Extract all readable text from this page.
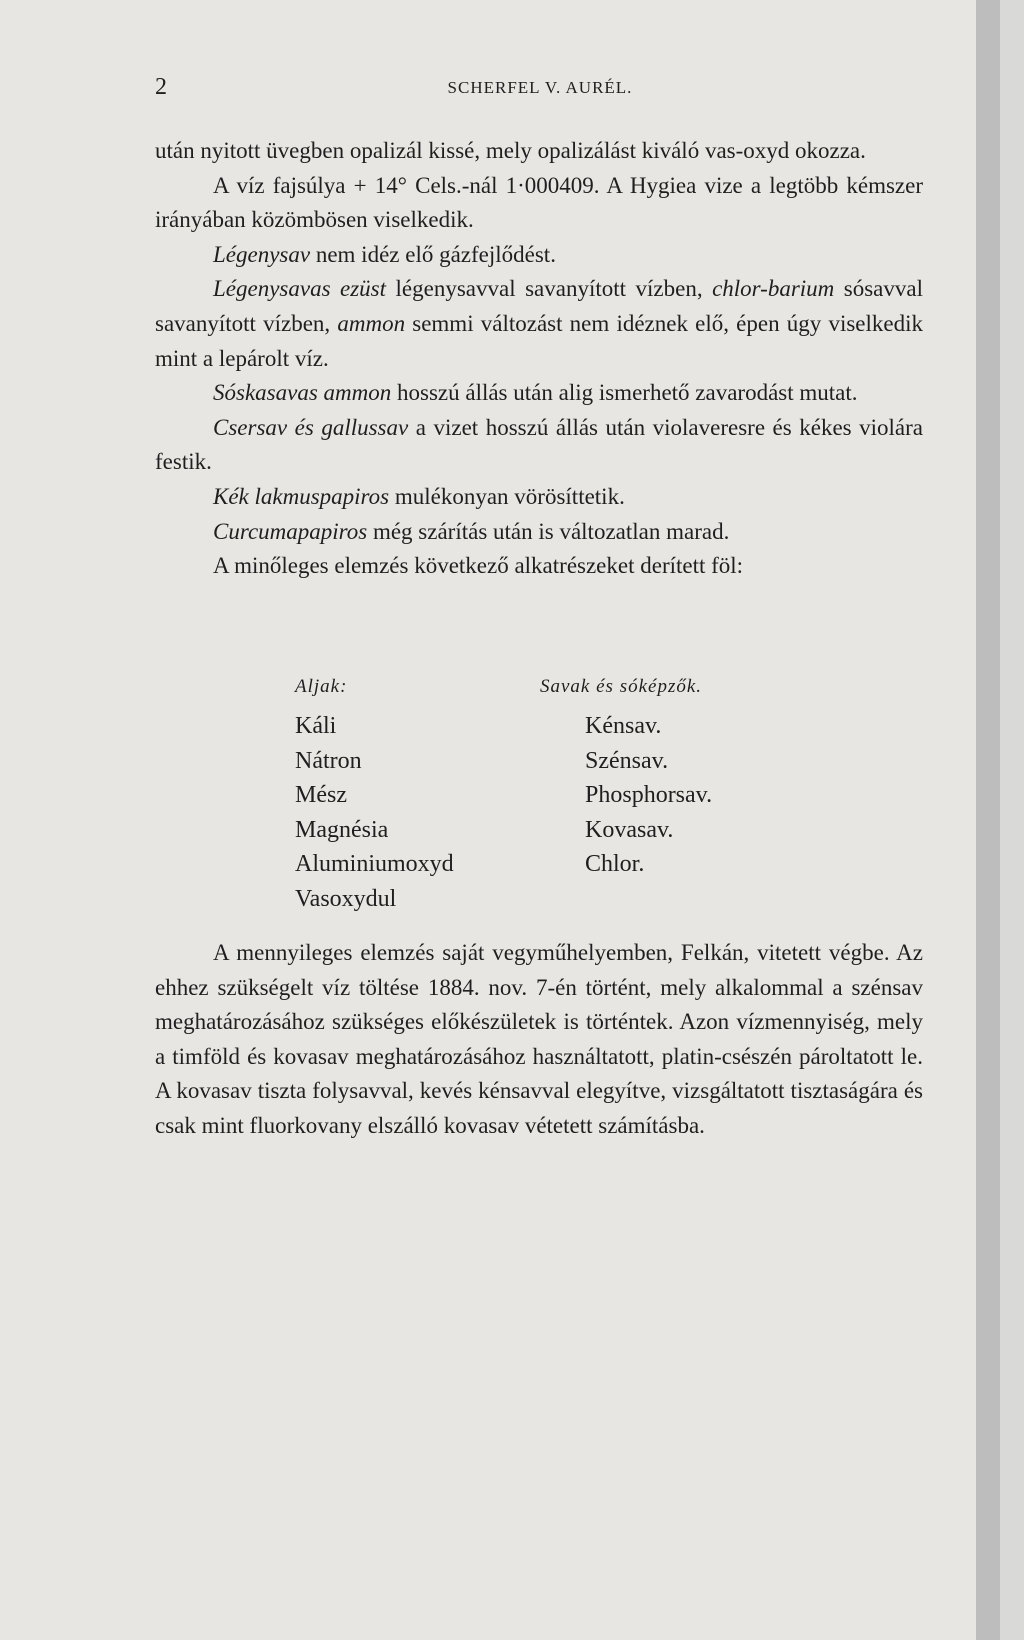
2	SCHERFEL V. AURÉL.

után nyitott üvegben opalizál kissé, mely opalizálást kiváló vas-oxyd okozza.

A víz fajsúlya + 14° Cels.-nál 1·000409. A Hygiea vize a legtöbb kémszer irányában közömbösen viselkedik.

Légenysav nem idéz elő gázfejlődést.

Légenysavas ezüst légenysavval savanyított vízben, chlor-barium sósavval savanyított vízben, ammon semmi változást nem idéznek elő, épen úgy viselkedik mint a lepárolt víz.

Sóskasavas ammon hosszú állás után alig ismerhető zavarodást mutat.

Csersav és gallussav a vizet hosszú állás után violaveresre és kékes violára festik.

Kék lakmuspapiros mulékonyan vörösíttetik.

Curcumapapiros még szárítás után is változatlan marad.

A minőleges elemzés következő alkatrészeket derített föl:

Aljak:
Káli
Nátron
Mész
Magnésia
Aluminiumoxyd
Vasoxydul
Savak és sóképzők.
Kénsav.
Szénsav.
Phosphorsav.
Kovasav.
Chlor.

A mennyileges elemzés saját vegyműhelyemben, Felkán, vitetett végbe. Az ehhez szükségelt víz töltése 1884. nov. 7-én történt, mely alkalommal a szénsav meghatározásához szükséges előkészületek is történtek. Azon vízmennyiség, mely a timföld és kovasav meghatározásához használtatott, platin-csészén pároltatott le. A kovasav tiszta folysavval, kevés kénsavval elegyítve, vizsgáltatott tisztaságára és csak mint fluorkovany elszálló kovasav vétetett számításba.
